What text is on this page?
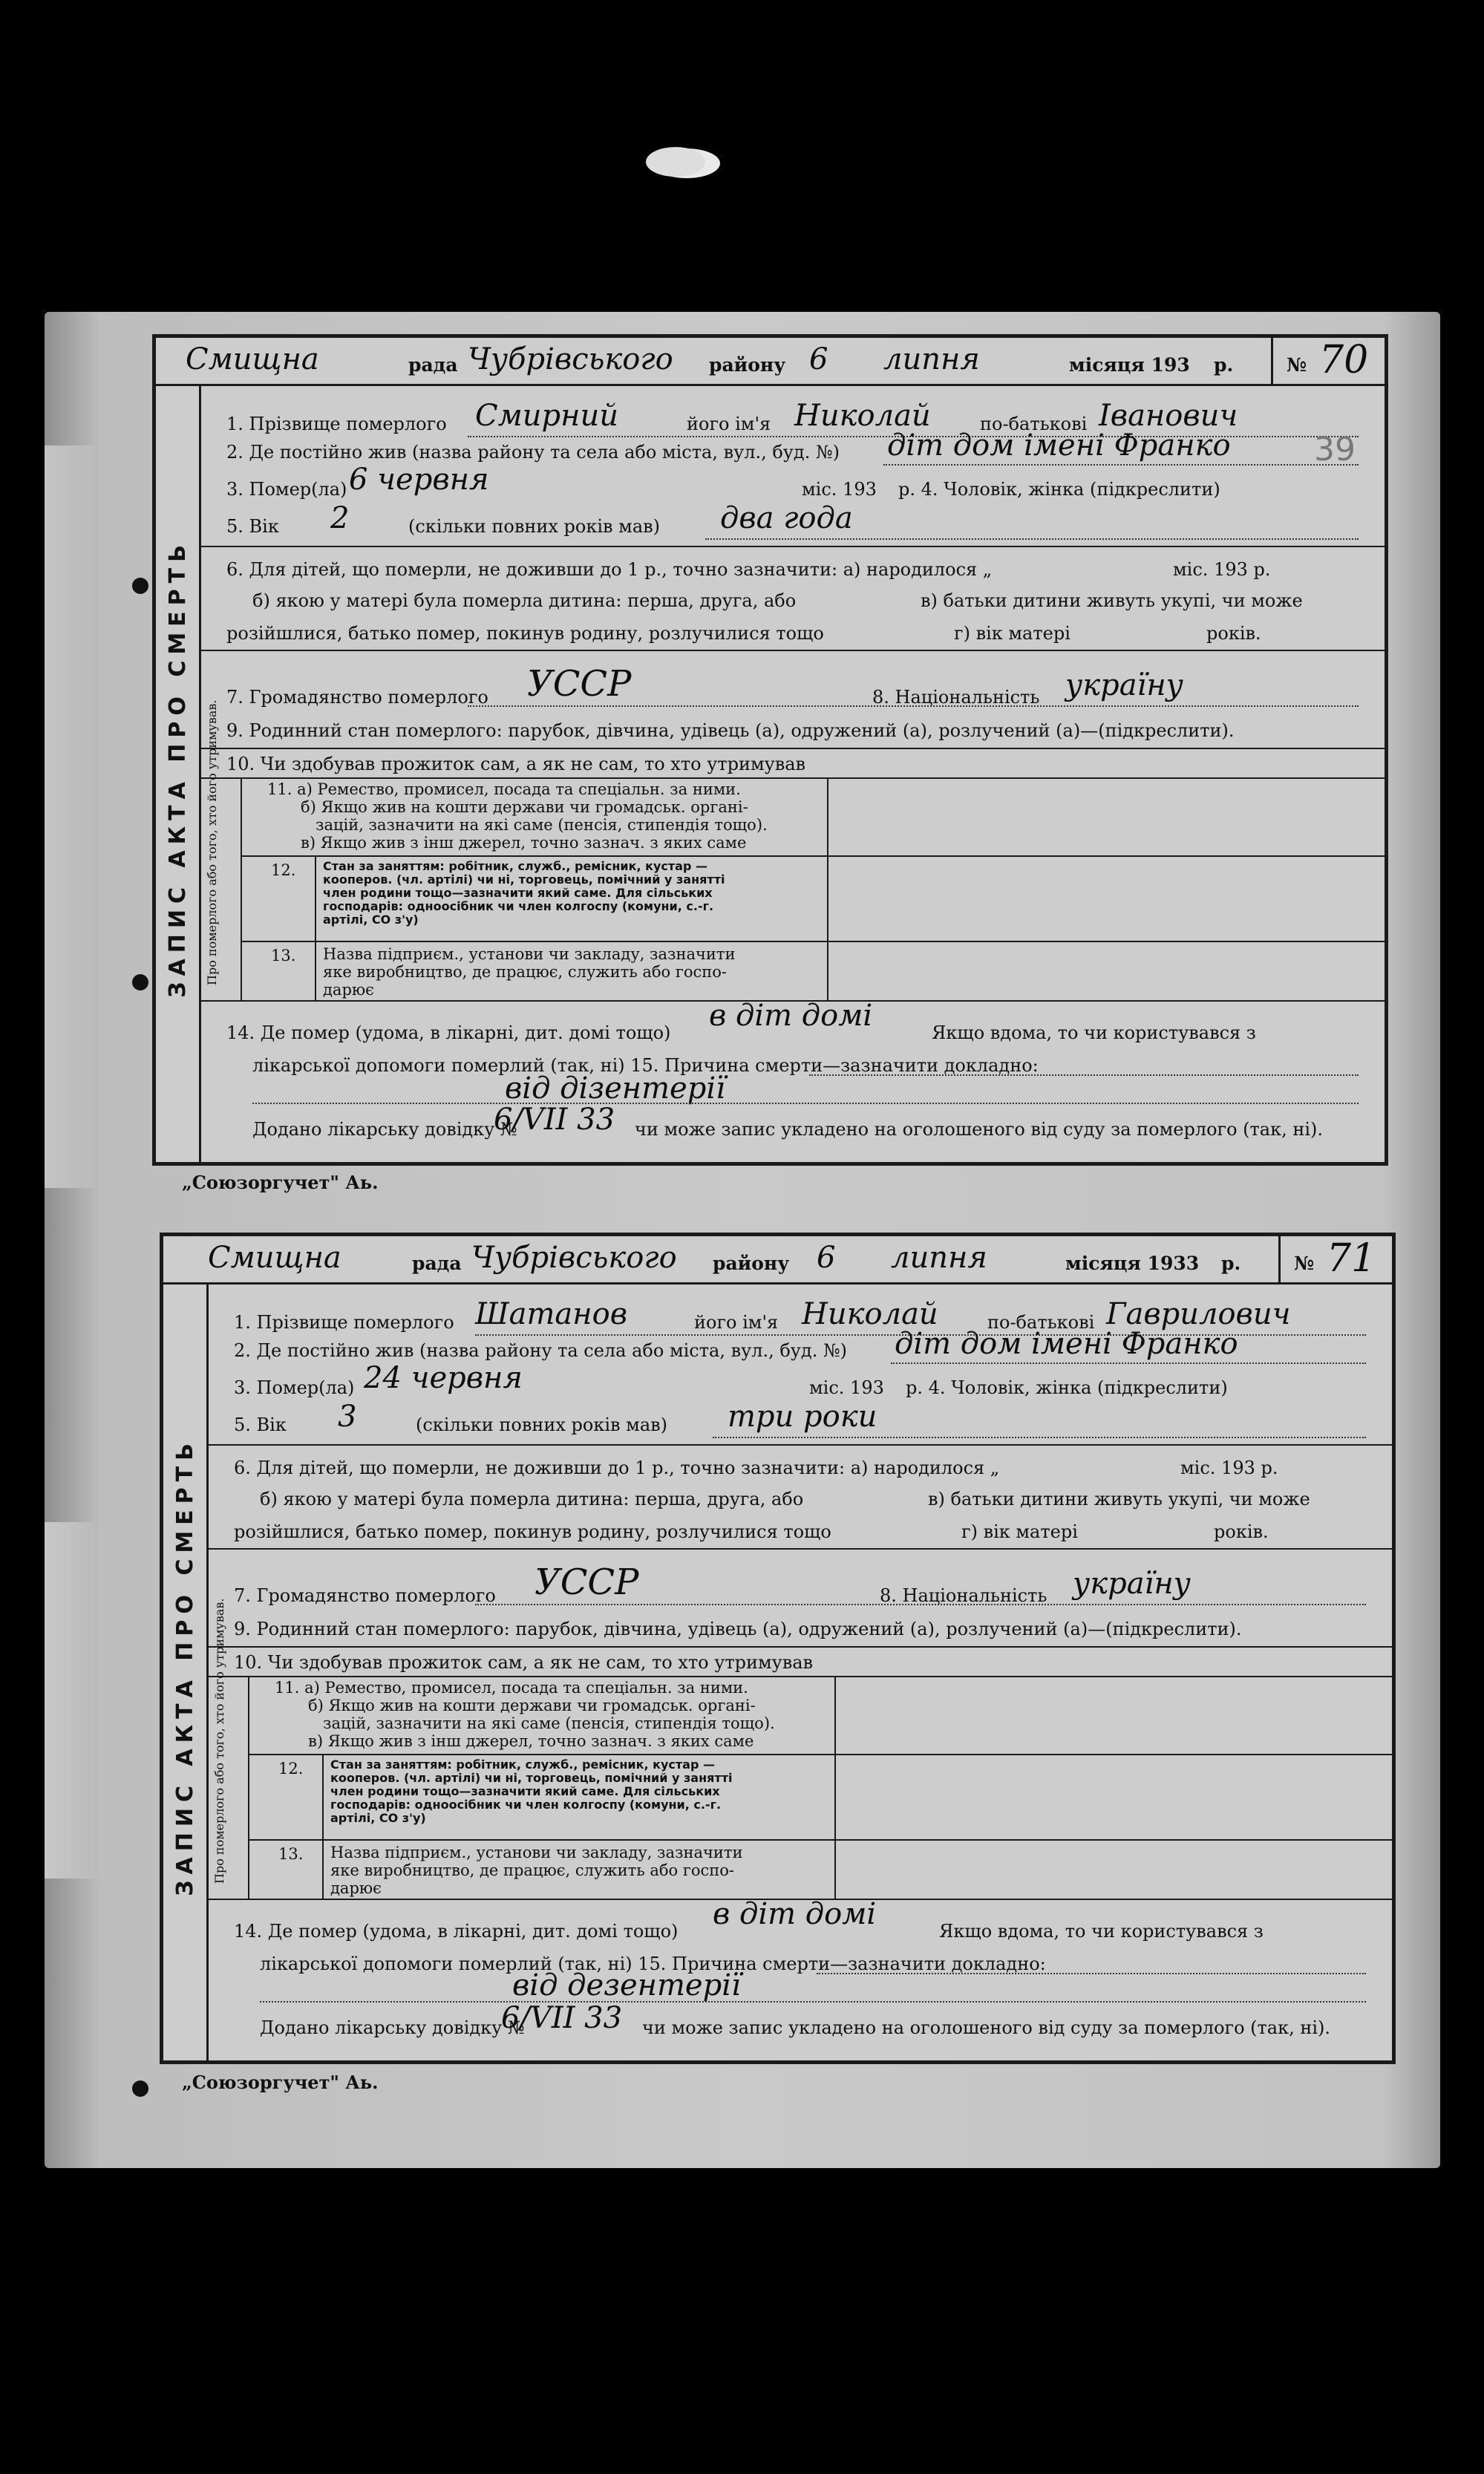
Смищна	рада Чубрівського району 6 липня	місяця 193 р.	№ 70
ЗАПИС АКТА ПРО СМЕРТЬ
1. Прізвище померлого Смирний	його ім'я Николай	по-батькові Іванович
2. Де постійно жив (назва району та села або міста, вул., буд. №) діт дом імені Франко
3. Помер(ла) 6 червня	міс. 193 р. 4. Чоловік, жінка (підкреслити)
5. Вік 2	(скільки повних років мав) два года
6. Для дітей, що померли, не доживши до 1 р., точно зазначити: а) народилося „	міс. 193 р.
б) якою у матері була померла дитина: перша, друга, або	в) батьки дитини живуть укупі, чи може
розійшлися, батько помер, покинув родину, розлучилися тощо	г) вік матері	років.
7. Громадянство померлого УССР	8. Національність україну
9. Родинний стан померлого: парубок, дівчина, удівець (а), одружений (а), розлучений (а)—(підкреслити).
10. Чи здобував прожиток сам, а як не сам, то хто утримував
Про померлого або того, хто його утримував.	11. а) Ремество, промисел, посада та спеціальн. за ними.
б) Якщо жив на кошти держави чи громадськ. органі-
зацій, зазначити на які саме (пенсія, стипендія тощо).
в) Якщо жив з інш джерел, точно зазнач. з яких саме
12. Стан за заняттям: робітник, служб., ремісник, кустар —
кооперов. (чл. артілі) чи ні, торговець, помічний у занятті
член родини тощо—зазначити який саме. Для сільських
господарів: одноосібник чи член колгоспу (комуни, с.-г.
артілі, СО з'у)
13. Назва підприєм., установи чи закладу, зазначити
яке виробництво, де працює, служить або госпо-
дарює
14. Де помер (удома, в лікарні, дит. домі тощо) в діт домі	Якщо вдома, то чи користувався з
лікарської допомоги померлий (так, ні) 15. Причина смерти—зазначити докладно:
від дізентерії
Додано лікарську довідку №
6/VII 33 чи може запис укладено на оголошеного від суду за померлого (так, ні).
39
„Союзоргучет" Аь.
Смищна	рада Чубрівського району 6 липня	місяця 1933 р.	№ 71
ЗАПИС АКТА ПРО СМЕРТЬ
1. Прізвище померлого Шатанов	його ім'я Николай	по-батькові Гаврилович
2. Де постійно жив (назва району та села або міста, вул., буд. №) діт дом імені Франко
3. Помер(ла) 24 червня	міс. 193 р. 4. Чоловік, жінка (підкреслити)
5. Вік 3	(скільки повних років мав) три роки
6. Для дітей, що померли, не доживши до 1 р., точно зазначити: а) народилося „	міс. 193 р.
б) якою у матері була померла дитина: перша, друга, або	в) батьки дитини живуть укупі, чи може
розійшлися, батько помер, покинув родину, розлучилися тощо	г) вік матері	років.
7. Громадянство померлого УССР	8. Національність україну
9. Родинний стан померлого: парубок, дівчина, удівець (а), одружений (а), розлучений (а)—(підкреслити).
10. Чи здобував прожиток сам, а як не сам, то хто утримував
Про померлого або того, хто його утримував.	11. а) Ремество, промисел, посада та спеціальн. за ними.
б) Якщо жив на кошти держави чи громадськ. органі-
зацій, зазначити на які саме (пенсія, стипендія тощо).
в) Якщо жив з інш джерел, точно зазнач. з яких саме
12. Стан за заняттям: робітник, служб., ремісник, кустар —
кооперов. (чл. артілі) чи ні, торговець, помічний у занятті
член родини тощо—зазначити який саме. Для сільських
господарів: одноосібник чи член колгоспу (комуни, с.-г.
артілі, СО з'у)
13. Назва підприєм., установи чи закладу, зазначити
яке виробництво, де працює, служить або госпо-
дарює
14. Де помер (удома, в лікарні, дит. домі тощо) в діт домі	Якщо вдома, то чи користувався з
лікарської допомоги померлий (так, ні) 15. Причина смерти—зазначити докладно:
від дезентерії
Додано лікарську довідку №
6/VII 33 чи може запис укладено на оголошеного від суду за померлого (так, ні).
„Союзоргучет" Аь.
